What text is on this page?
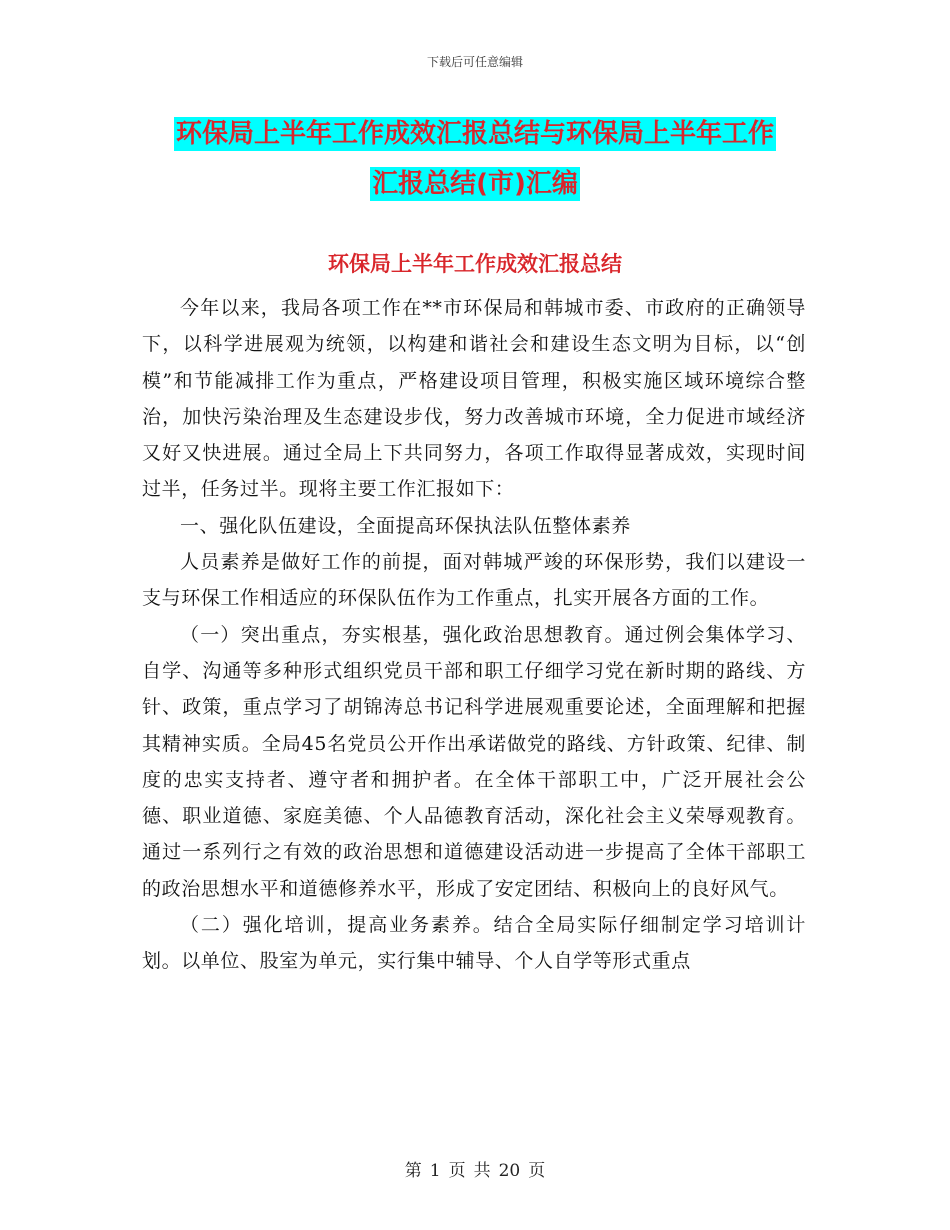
下载后可任意编辑
环保局上半年工作成效汇报总结与环保局上半年工作
汇报总结(市)汇编
环保局上半年工作成效汇报总结

今年以来，我局各项工作在**市环保局和韩城市委、市政府的正确领导下，以科学进展观为统领，以构建和谐社会和建设生态文明为目标，以“创模”和节能减排工作为重点，严格建设项目管理，积极实施区域环境综合整治，加快污染治理及生态建设步伐，努力改善城市环境，全力促进市域经济又好又快进展。通过全局上下共同努力，各项工作取得显著成效，实现时间过半，任务过半。现将主要工作汇报如下：

一、强化队伍建设，全面提高环保执法队伍整体素养

人员素养是做好工作的前提，面对韩城严竣的环保形势，我们以建设一支与环保工作相适应的环保队伍作为工作重点，扎实开展各方面的工作。

（一）突出重点，夯实根基，强化政治思想教育。通过例会集体学习、自学、沟通等多种形式组织党员干部和职工仔细学习党在新时期的路线、方针、政策，重点学习了胡锦涛总书记科学进展观重要论述，全面理解和把握其精神实质。全局45名党员公开作出承诺做党的路线、方针政策、纪律、制度的忠实支持者、遵守者和拥护者。在全体干部职工中，广泛开展社会公德、职业道德、家庭美德、个人品德教育活动，深化社会主义荣辱观教育。通过一系列行之有效的政治思想和道德建设活动进一步提高了全体干部职工的政治思想水平和道德修养水平，形成了安定团结、积极向上的良好风气。

（二）强化培训，提高业务素养。结合全局实际仔细制定学习培训计划。以单位、股室为单元，实行集中辅导、个人自学等形式重点

第 1 页 共 20 页
